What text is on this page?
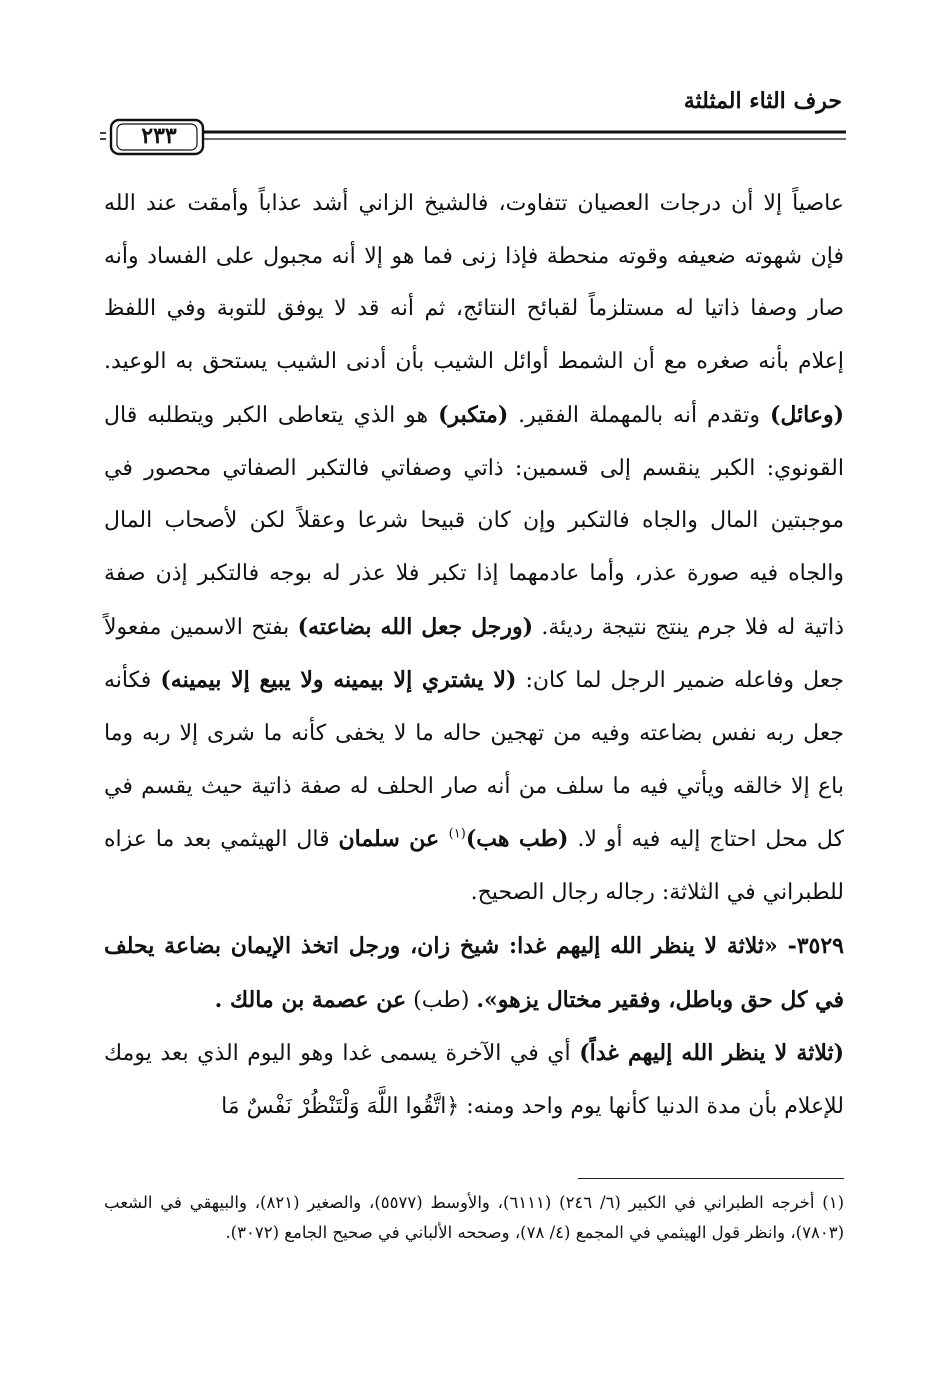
حرف الثاء المثلثة
٢٣٣

عاصياً إلا أن درجات العصيان تتفاوت، فالشيخ الزاني أشد عذاباً وأمقت عند الله فإن شهوته ضعيفه وقوته منحطة فإذا زنى فما هو إلا أنه مجبول على الفساد وأنه صار وصفا ذاتيا له مستلزماً لقبائح النتائج، ثم أنه قد لا يوفق للتوبة وفي اللفظ إعلام بأنه صغره مع أن الشمط أوائل الشيب بأن أدنى الشيب يستحق به الوعيد. (وعائل) وتقدم أنه بالمهملة الفقير. (متكبر) هو الذي يتعاطى الكبر ويتطلبه قال القونوي: الكبر ينقسم إلى قسمين: ذاتي وصفاتي فالتكبر الصفاتي محصور في موجبتين المال والجاه فالتكبر وإن كان قبيحا شرعا وعقلاً لكن لأصحاب المال والجاه فيه صورة عذر، وأما عادمهما إذا تكبر فلا عذر له بوجه فالتكبر إذن صفة ذاتية له فلا جرم ينتج نتيجة رديئة. (ورجل جعل الله بضاعته) بفتح الاسمين مفعولاً جعل وفاعله ضمير الرجل لما كان: (لا يشتري إلا بيمينه ولا يبيع إلا بيمينه) فكأنه جعل ربه نفس بضاعته وفيه من تهجين حاله ما لا يخفى كأنه ما شرى إلا ربه وما باع إلا خالقه ويأتي فيه ما سلف من أنه صار الحلف له صفة ذاتية حيث يقسم في كل محل احتاج إليه فيه أو لا. (طب هب)$^{(١)}$ عن سلمان قال الهيثمي بعد ما عزاه للطبراني في الثلاثة: رجاله رجال الصحيح.

٣٥٢٩- «ثلاثة لا ينظر الله إليهم غدا: شيخ زان، ورجل اتخذ الإيمان بضاعة يحلف في كل حق وباطل، وفقير مختال يزهو». (طب) عن عصمة بن مالك .

(ثلاثة لا ينظر الله إليهم غداً) أي في الآخرة يسمى غدا وهو اليوم الذي بعد يومك للإعلام بأن مدة الدنيا كأنها يوم واحد ومنه: ﴿اتَّقُوا اللَّهَ وَلْتَنْظُرْ نَفْسٌ مَا

(١) أخرجه الطبراني في الكبير (٦/ ٢٤٦) (٦١١١)، والأوسط (٥٥٧٧)، والصغير (٨٢١)، والبيهقي في الشعب (٧٨٠٣)، وانظر قول الهيثمي في المجمع (٤/ ٧٨)، وصححه الألباني في صحيح الجامع (٣٠٧٢).
